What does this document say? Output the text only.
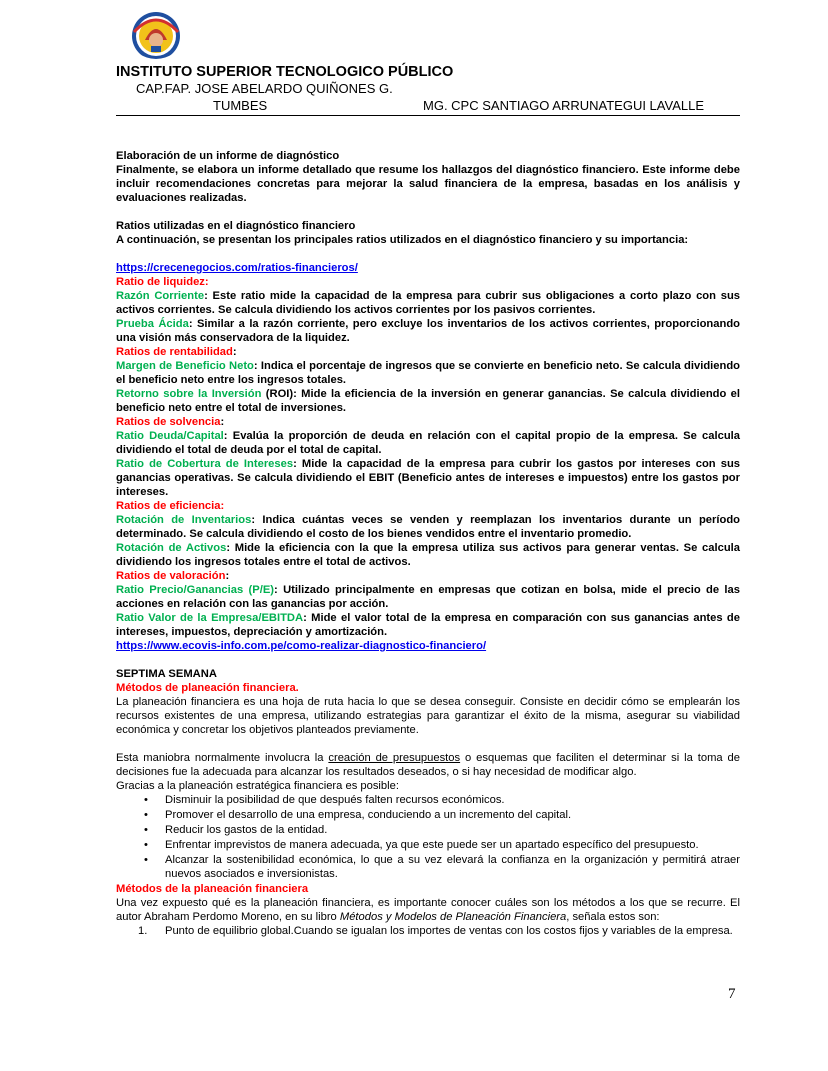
INSTITUTO SUPERIOR TECNOLOGICO PÚBLICO
CAP.FAP. JOSE ABELARDO QUIÑONES G.
TUMBES	MG. CPC SANTIAGO ARRUNATEGUI LAVALLE

Elaboración de un informe de diagnóstico

Finalmente, se elabora un informe detallado que resume los hallazgos del diagnóstico financiero. Este informe debe incluir recomendaciones concretas para mejorar la salud financiera de la empresa, basadas en los análisis y evaluaciones realizadas.

Ratios utilizadas en el diagnóstico financiero

A continuación, se presentan los principales ratios utilizados en el diagnóstico financiero y su importancia:

https://crecenegocios.com/ratios-financieros/

Ratio de liquidez:

Razón Corriente: Este ratio mide la capacidad de la empresa para cubrir sus obligaciones a corto plazo con sus activos corrientes. Se calcula dividiendo los activos corrientes por los pasivos corrientes.

Prueba Ácida: Similar a la razón corriente, pero excluye los inventarios de los activos corrientes, proporcionando una visión más conservadora de la liquidez.

Ratios de rentabilidad:

Margen de Beneficio Neto: Indica el porcentaje de ingresos que se convierte en beneficio neto. Se calcula dividiendo el beneficio neto entre los ingresos totales.

Retorno sobre la Inversión (ROI): Mide la eficiencia de la inversión en generar ganancias. Se calcula dividiendo el beneficio neto entre el total de inversiones.

Ratios de solvencia:

Ratio Deuda/Capital: Evalúa la proporción de deuda en relación con el capital propio de la empresa. Se calcula dividiendo el total de deuda por el total de capital.

Ratio de Cobertura de Intereses: Mide la capacidad de la empresa para cubrir los gastos por intereses con sus ganancias operativas. Se calcula dividiendo el EBIT (Beneficio antes de intereses e impuestos) entre los gastos por intereses.

Ratios de eficiencia:

Rotación de Inventarios: Indica cuántas veces se venden y reemplazan los inventarios durante un período determinado. Se calcula dividiendo el costo de los bienes vendidos entre el inventario promedio.

Rotación de Activos: Mide la eficiencia con la que la empresa utiliza sus activos para generar ventas. Se calcula dividiendo los ingresos totales entre el total de activos.

Ratios de valoración:

Ratio Precio/Ganancias (P/E): Utilizado principalmente en empresas que cotizan en bolsa, mide el precio de las acciones en relación con las ganancias por acción.

Ratio Valor de la Empresa/EBITDA: Mide el valor total de la empresa en comparación con sus ganancias antes de intereses, impuestos, depreciación y amortización.

https://www.ecovis-info.com.pe/como-realizar-diagnostico-financiero/

SEPTIMA SEMANA

Métodos de planeación financiera.

La planeación financiera es una hoja de ruta hacia lo que se desea conseguir. Consiste en decidir cómo se emplearán los recursos existentes de una empresa, utilizando estrategias para garantizar el éxito de la misma, asegurar su viabilidad económica y concretar los objetivos planteados previamente.

Esta maniobra normalmente involucra la creación de presupuestos o esquemas que faciliten el determinar si la toma de decisiones fue la adecuada para alcanzar los resultados deseados, o si hay necesidad de modificar algo.

Gracias a la planeación estratégica financiera es posible:

• Disminuir la posibilidad de que después falten recursos económicos.
• Promover el desarrollo de una empresa, conduciendo a un incremento del capital.
• Reducir los gastos de la entidad.
• Enfrentar imprevistos de manera adecuada, ya que este puede ser un apartado específico del presupuesto.
• Alcanzar la sostenibilidad económica, lo que a su vez elevará la confianza en la organización y permitirá atraer nuevos asociados e inversionistas.

Métodos de la planeación financiera

Una vez expuesto qué es la planeación financiera, es importante conocer cuáles son los métodos a los que se recurre. El autor Abraham Perdomo Moreno, en su libro Métodos y Modelos de Planeación Financiera, señala estos son:

1. Punto de equilibrio global.Cuando se igualan los importes de ventas con los costos fijos y variables de la empresa.
7
